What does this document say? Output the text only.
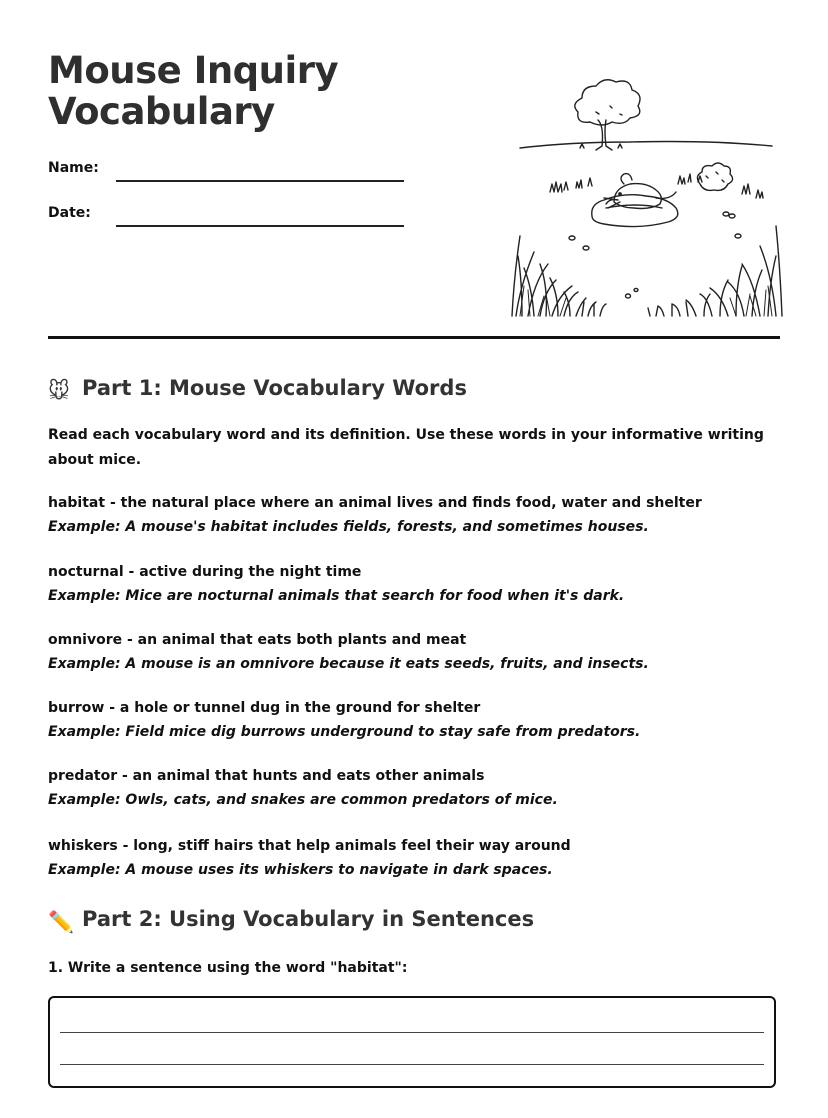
Mouse Inquiry Vocabulary
Name:
Date:
🐭 Part 1: Mouse Vocabulary Words

Read each vocabulary word and its definition. Use these words in your informative writing about mice.

habitat - the natural place where an animal lives and finds food, water and shelter
Example: A mouse's habitat includes fields, forests, and sometimes houses.
nocturnal - active during the night time
Example: Mice are nocturnal animals that search for food when it's dark.
omnivore - an animal that eats both plants and meat
Example: A mouse is an omnivore because it eats seeds, fruits, and insects.
burrow - a hole or tunnel dug in the ground for shelter
Example: Field mice dig burrows underground to stay safe from predators.
predator - an animal that hunts and eats other animals
Example: Owls, cats, and snakes are common predators of mice.
whiskers - long, stiff hairs that help animals feel their way around
Example: A mouse uses its whiskers to navigate in dark spaces.
✏️ Part 2: Using Vocabulary in Sentences
1. Write a sentence using the word "habitat":
